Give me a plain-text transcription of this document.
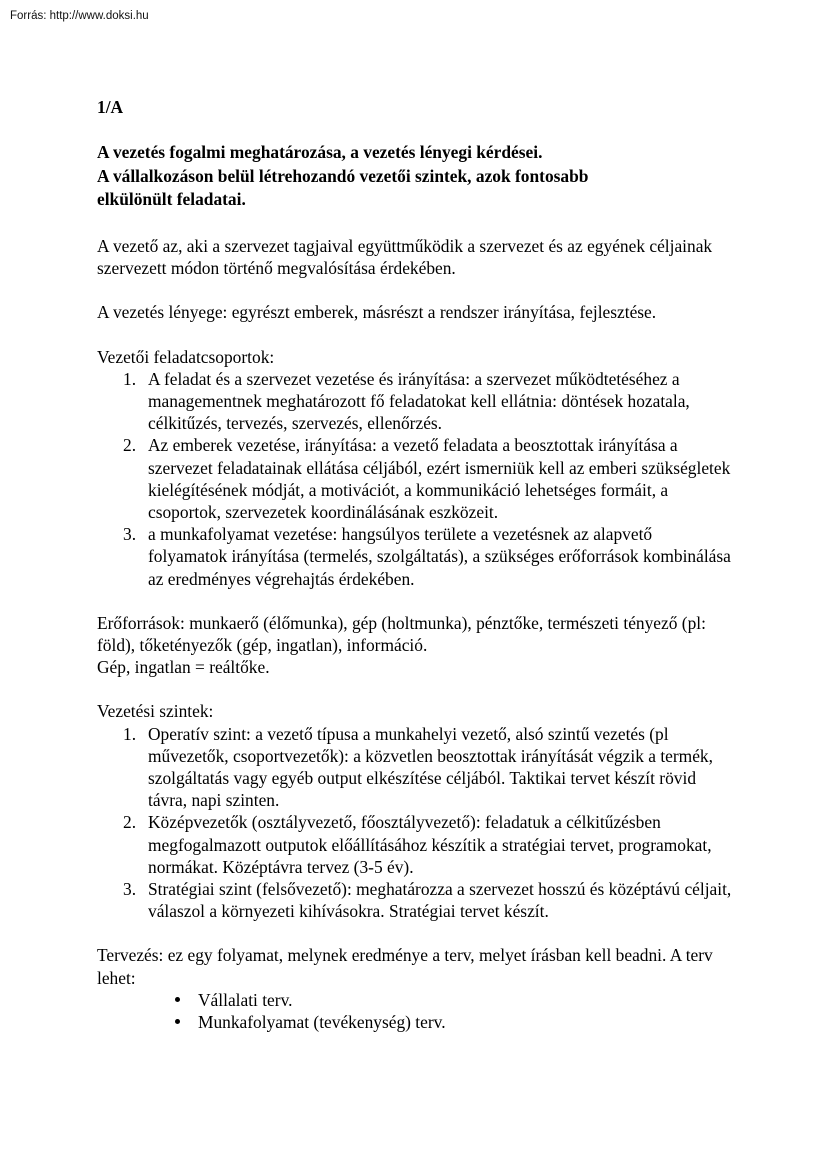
Forrás: http://www.doksi.hu
1/A
A vezetés fogalmi meghatározása, a vezetés lényegi kérdései.
A vállalkozáson belül létrehozandó vezetői szintek, azok fontosabb
elkülönült feladatai.

A vezető az, aki a szervezet tagjaival együttműködik a szervezet és az egyének céljainak szervezett módon történő megvalósítása érdekében.

A vezetés lényege: egyrészt emberek, másrészt a rendszer irányítása, fejlesztése.

Vezetői feladatcsoportok:

1. A feladat és a szervezet vezetése és irányítása: a szervezet működtetéséhez a managementnek meghatározott fő feladatokat kell ellátnia: döntések hozatala, célkitűzés, tervezés, szervezés, ellenőrzés.
2. Az emberek vezetése, irányítása: a vezető feladata a beosztottak irányítása a szervezet feladatainak ellátása céljából, ezért ismerniük kell az emberi szükségletek kielégítésének módját, a motivációt, a kommunikáció lehetséges formáit, a csoportok, szervezetek koordinálásának eszközeit.
3. a munkafolyamat vezetése: hangsúlyos területe a vezetésnek az alapvető folyamatok irányítása (termelés, szolgáltatás), a szükséges erőforrások kombinálása az eredményes végrehajtás érdekében.

Erőforrások: munkaerő (élőmunka), gép (holtmunka), pénztőke, természeti tényező (pl: föld), tőketényezők (gép, ingatlan), információ.

Gép, ingatlan = reáltőke.

Vezetési szintek:

1. Operatív szint: a vezető típusa a munkahelyi vezető, alsó szintű vezetés (pl művezetők, csoportvezetők): a közvetlen beosztottak irányítását végzik a termék, szolgáltatás vagy egyéb output elkészítése céljából. Taktikai tervet készít rövid távra, napi szinten.
2. Középvezetők (osztályvezető, főosztályvezető): feladatuk a célkitűzésben megfogalmazott outputok előállításához készítik a stratégiai tervet, programokat, normákat. Középtávra tervez (3-5 év).
3. Stratégiai szint (felsővezető): meghatározza a szervezet hosszú és középtávú céljait, válaszol a környezeti kihívásokra. Stratégiai tervet készít.

Tervezés: ez egy folyamat, melynek eredménye a terv, melyet írásban kell beadni. A terv lehet:

Vállalati terv.
Munkafolyamat (tevékenység) terv.
